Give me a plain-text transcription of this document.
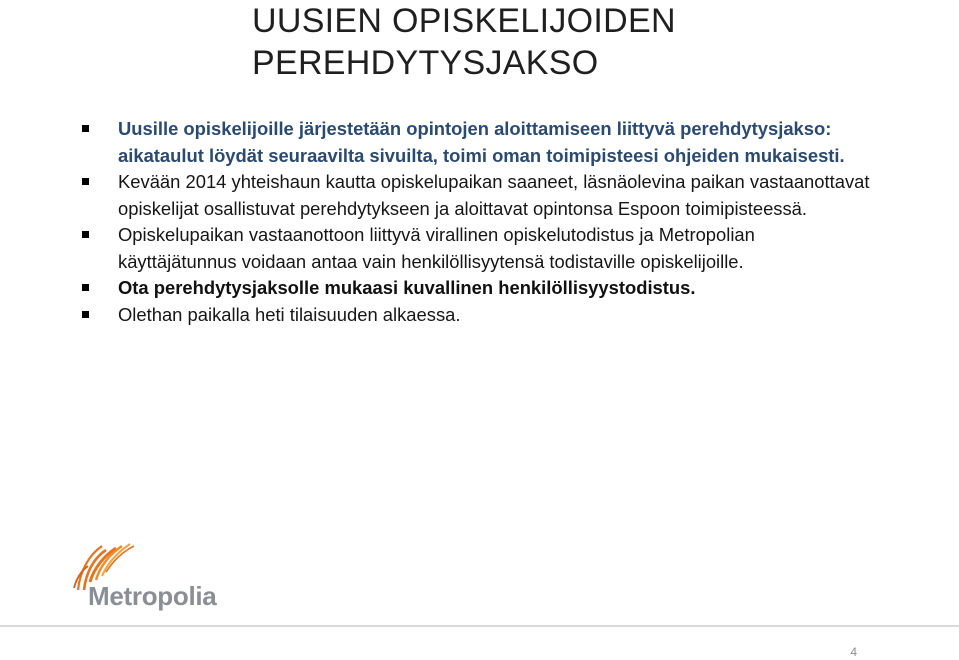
UUSIEN OPISKELIJOIDEN
PEREHDYTYSJAKSO
Uusille opiskelijoille järjestetään opintojen aloittamiseen liittyvä perehdytysjakso: aikataulut löydät seuraavilta sivuilta, toimi oman toimipisteesi ohjeiden mukaisesti.
Kevään 2014 yhteishaun kautta opiskelupaikan saaneet, läsnäolevina paikan vastaanottavat opiskelijat osallistuvat perehdytykseen ja aloittavat opintonsa Espoon toimipisteessä.
Opiskelupaikan vastaanottoon liittyvä virallinen opiskelutodistus ja Metropolian käyttäjätunnus voidaan antaa vain henkilöllisyytensä todistaville opiskelijoille.
Ota perehdytysjaksolle mukaasi kuvallinen henkilöllisyystodistus.
Olethan paikalla heti tilaisuuden alkaessa.
Metropolia
4
